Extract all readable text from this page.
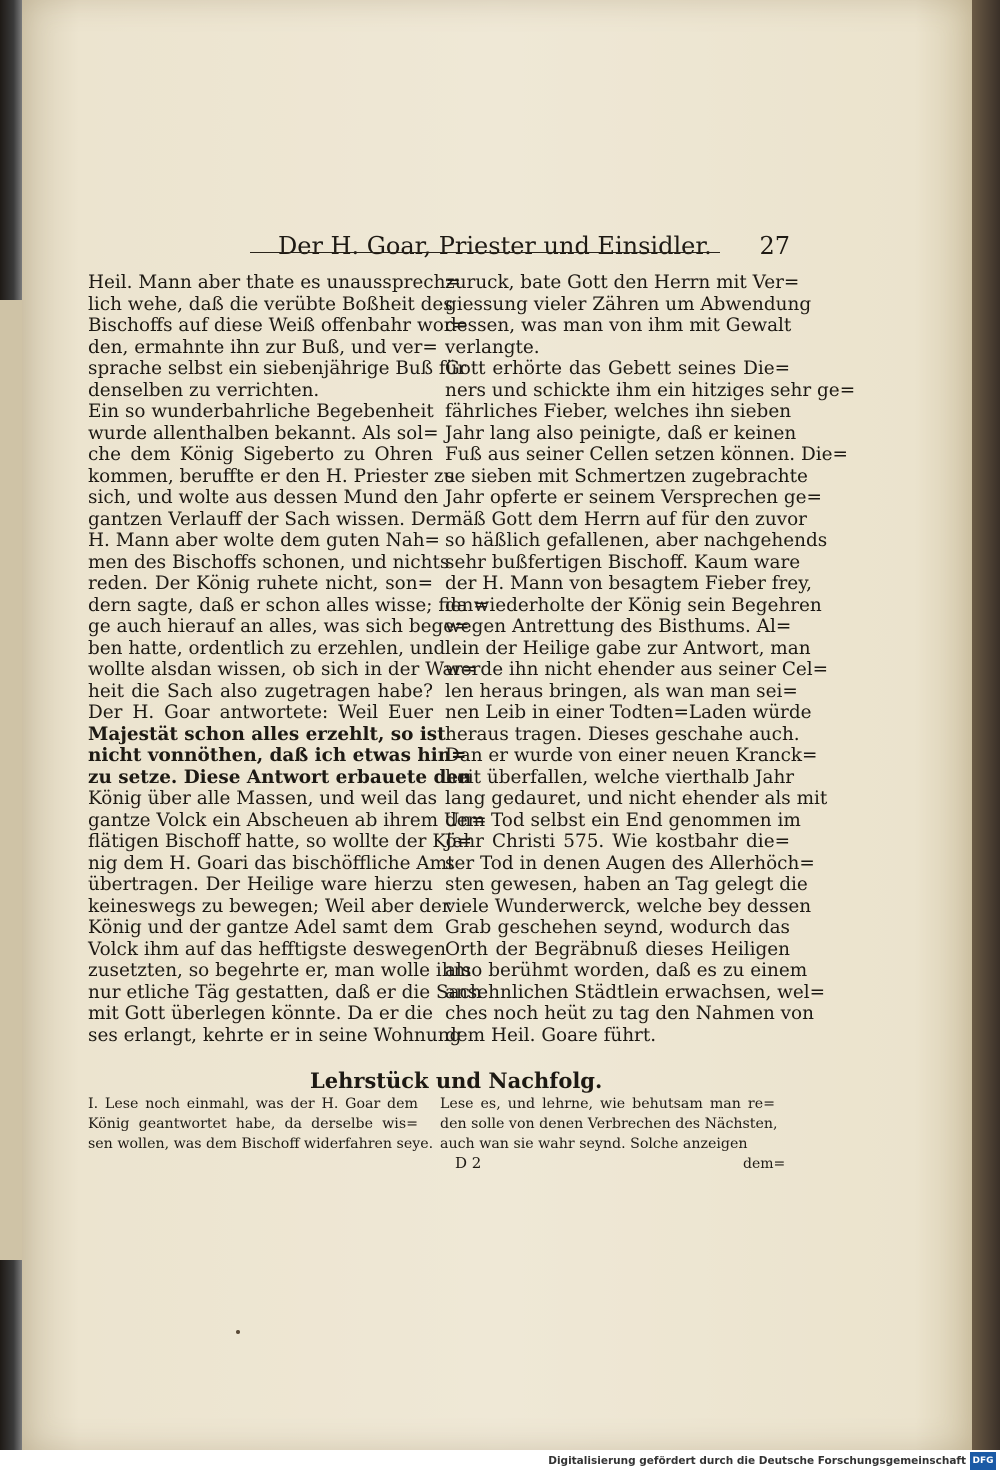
Der H. Goar, Priester und Einsidler. 27
Heil. Mann aber thate es unaussprech=
lich wehe, daß die verübte Boßheit des
Bischoffs auf diese Weiß offenbahr wor=
den, ermahnte ihn zur Buß, und ver=
sprache selbst ein siebenjährige Buß für
denselben zu verrichten.
Ein so wunderbahrliche Begebenheit
wurde allenthalben bekannt. Als sol=
che dem König Sigeberto zu Ohren
kommen, beruffte er den H. Priester zu
sich, und wolte aus dessen Mund den
gantzen Verlauff der Sach wissen. Der
H. Mann aber wolte dem guten Nah=
men des Bischoffs schonen, und nichts
reden. Der König ruhete nicht, son=
dern sagte, daß er schon alles wisse; fien=
ge auch hierauf an alles, was sich bege=
ben hatte, ordentlich zu erzehlen, und
wollte alsdan wissen, ob sich in der War=
heit die Sach also zugetragen habe?
Der H. Goar antwortete: Weil Euer
Majestät schon alles erzehlt, so ist
nicht vonnöthen, daß ich etwas hin=
zu setze. Diese Antwort erbauete den
König über alle Massen, und weil das
gantze Volck ein Abscheuen ab ihrem Un=
flätigen Bischoff hatte, so wollte der Kö=
nig dem H. Goari das bischöffliche Amt
übertragen. Der Heilige ware hierzu
keineswegs zu bewegen; Weil aber der
König und der gantze Adel samt dem
Volck ihm auf das hefftigste deswegen
zusetzten, so begehrte er, man wolle ihm
nur etliche Täg gestatten, daß er die Sach
mit Gott überlegen könnte. Da er die
ses erlangt, kehrte er in seine Wohnung
zuruck, bate Gott den Herrn mit Ver=
giessung vieler Zähren um Abwendung
dessen, was man von ihm mit Gewalt
verlangte.
Gott erhörte das Gebett seines Die=
ners und schickte ihm ein hitziges sehr ge=
fährliches Fieber, welches ihn sieben
Jahr lang also peinigte, daß er keinen
Fuß aus seiner Cellen setzen können. Die=
se sieben mit Schmertzen zugebrachte
Jahr opferte er seinem Versprechen ge=
mäß Gott dem Herrn auf für den zuvor
so häßlich gefallenen, aber nachgehends
sehr bußfertigen Bischoff. Kaum ware
der H. Mann von besagtem Fieber frey,
da wiederholte der König sein Begehren
wegen Antrettung des Bisthums. Al=
lein der Heilige gabe zur Antwort, man
werde ihn nicht ehender aus seiner Cel=
len heraus bringen, als wan man sei=
nen Leib in einer Todten=Laden würde
heraus tragen. Dieses geschahe auch.
Dan er wurde von einer neuen Kranck=
heit überfallen, welche vierthalb Jahr
lang gedauret, und nicht ehender als mit
dem Tod selbst ein End genommen im
Jahr Christi 575. Wie kostbahr die=
ser Tod in denen Augen des Allerhöch=
sten gewesen, haben an Tag gelegt die
viele Wunderwerck, welche bey dessen
Grab geschehen seynd, wodurch das
Orth der Begräbnuß dieses Heiligen
also berühmt worden, daß es zu einem
ansehnlichen Städtlein erwachsen, wel=
ches noch heüt zu tag den Nahmen von
dem Heil. Goare führt.
Lehrstück und Nachfolg.
I. Lese noch einmahl, was der H. Goar dem
König geantwortet habe, da derselbe wis=
sen wollen, was dem Bischoff widerfahren seye.
Lese es, und lehrne, wie behutsam man re=
den solle von denen Verbrechen des Nächsten,
auch wan sie wahr seynd. Solche anzeigen
D 2	dem=
Digitalisierung gefördert durch die Deutsche Forschungsgemeinschaft DFG
